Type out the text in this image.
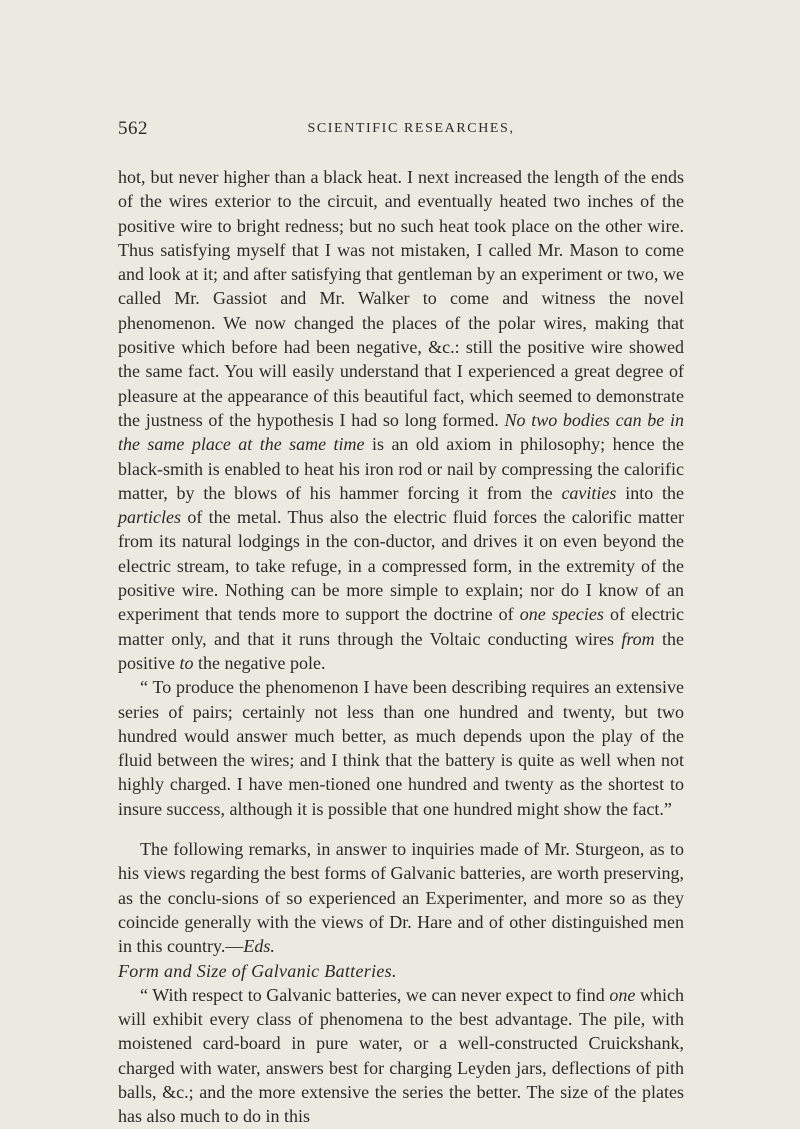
562	SCIENTIFIC RESEARCHES,

hot, but never higher than a black heat. I next increased the length of the ends of the wires exterior to the circuit, and eventually heated two inches of the positive wire to bright redness; but no such heat took place on the other wire. Thus satisfying myself that I was not mistaken, I called Mr. Mason to come and look at it; and after satisfying that gentleman by an experiment or two, we called Mr. Gassiot and Mr. Walker to come and witness the novel phenomenon. We now changed the places of the polar wires, making that positive which before had been negative, &c.: still the positive wire showed the same fact. You will easily understand that I experienced a great degree of pleasure at the appearance of this beautiful fact, which seemed to demonstrate the justness of the hypothesis I had so long formed. No two bodies can be in the same place at the same time is an old axiom in philosophy; hence the black-smith is enabled to heat his iron rod or nail by compressing the calorific matter, by the blows of his hammer forcing it from the cavities into the particles of the metal. Thus also the electric fluid forces the calorific matter from its natural lodgings in the con-ductor, and drives it on even beyond the electric stream, to take refuge, in a compressed form, in the extremity of the positive wire. Nothing can be more simple to explain; nor do I know of an experiment that tends more to support the doctrine of one species of electric matter only, and that it runs through the Voltaic conducting wires from the positive to the negative pole.

“ To produce the phenomenon I have been describing requires an extensive series of pairs; certainly not less than one hundred and twenty, but two hundred would answer much better, as much depends upon the play of the fluid between the wires; and I think that the battery is quite as well when not highly charged. I have men-tioned one hundred and twenty as the shortest to insure success, although it is possible that one hundred might show the fact.”

The following remarks, in answer to inquiries made of Mr. Sturgeon, as to his views regarding the best forms of Galvanic batteries, are worth preserving, as the conclu-sions of so experienced an Experimenter, and more so as they coincide generally with the views of Dr. Hare and of other distinguished men in this country.—Eds.

Form and Size of Galvanic Batteries.

“ With respect to Galvanic batteries, we can never expect to find one which will exhibit every class of phenomena to the best advantage. The pile, with moistened card-board in pure water, or a well-constructed Cruickshank, charged with water, answers best for charging Leyden jars, deflections of pith balls, &c.; and the more extensive the series the better. The size of the plates has also much to do in this
